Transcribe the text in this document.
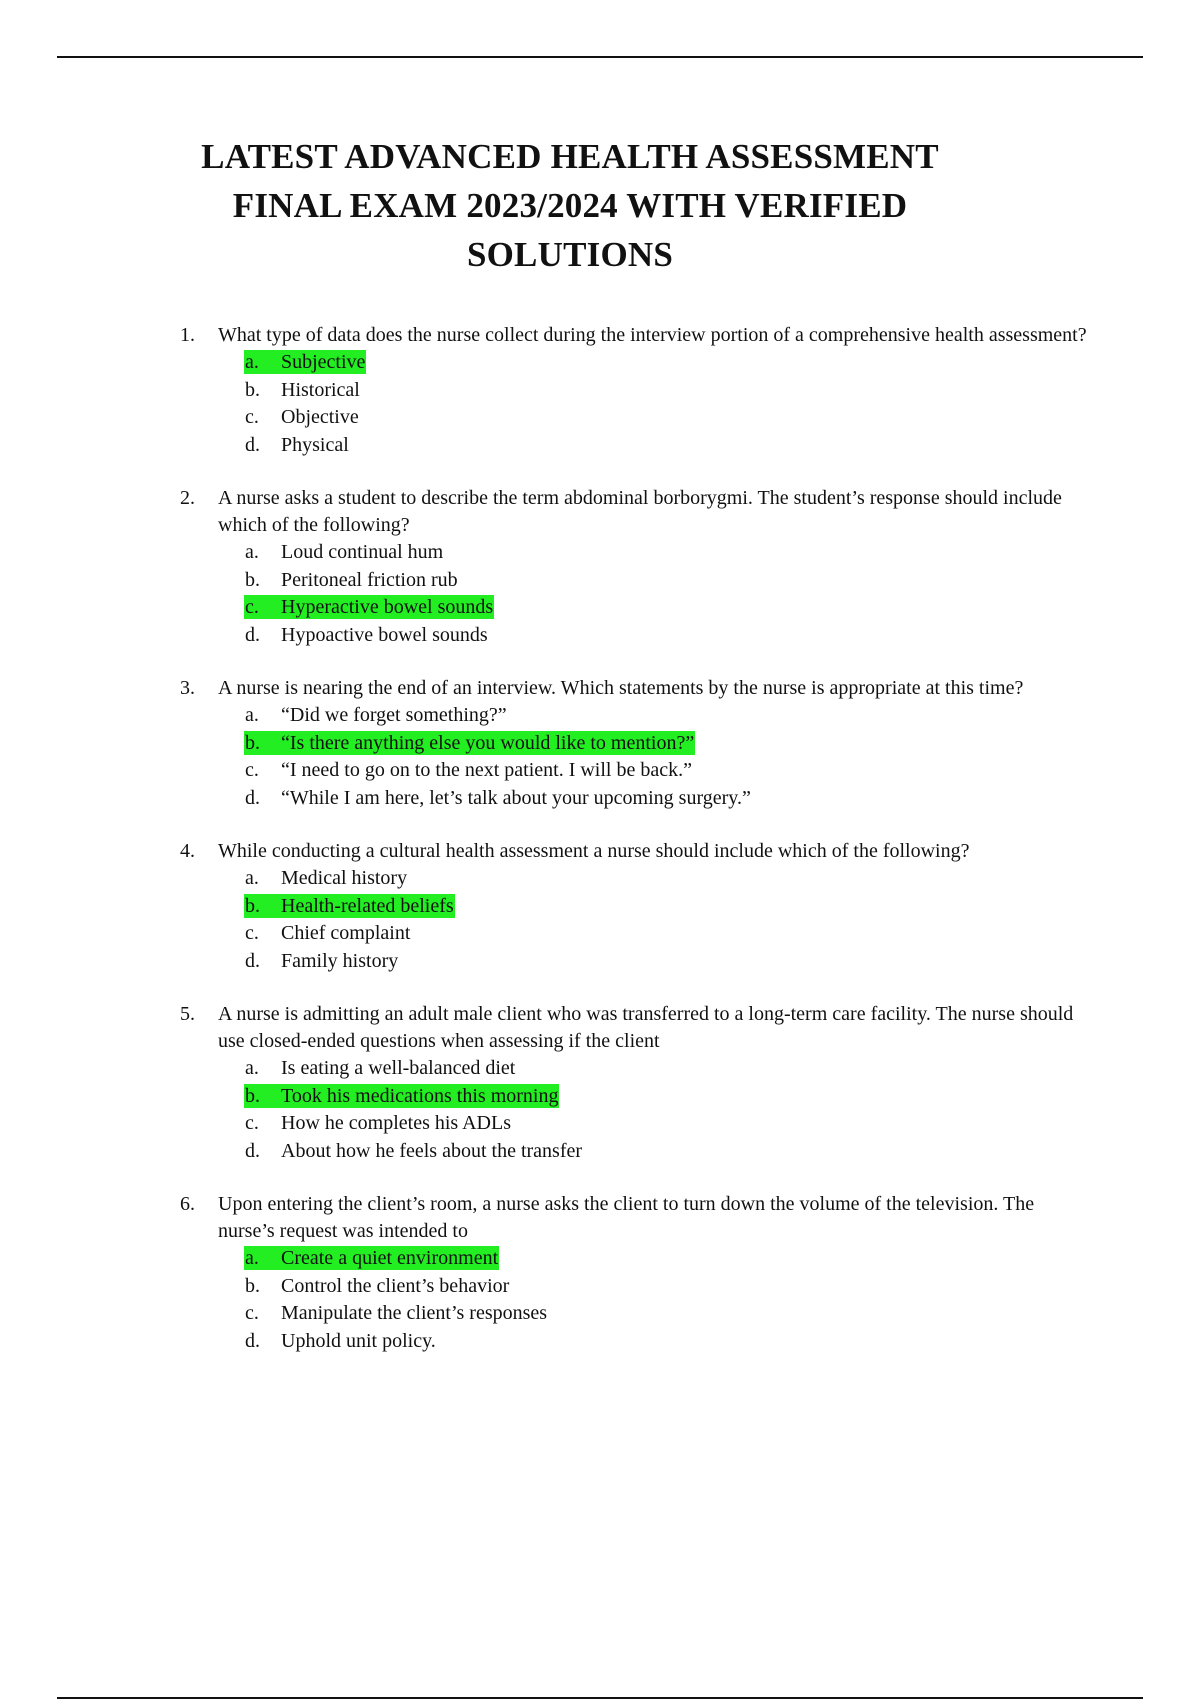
LATEST ADVANCED HEALTH ASSESSMENT
FINAL EXAM 2023/2024 WITH VERIFIED
SOLUTIONS
1.	What type of data does the nurse collect during the interview portion of a comprehensive health assessment?
a. Subjective
b. Historical
c. Objective
d. Physical
2.	A nurse asks a student to describe the term abdominal borborygmi. The student’s response should include which of the following?
a. Loud continual hum
b. Peritoneal friction rub
c. Hyperactive bowel sounds
d. Hypoactive bowel sounds
3.	A nurse is nearing the end of an interview. Which statements by the nurse is appropriate at this time?
a. “Did we forget something?”
b. “Is there anything else you would like to mention?”
c. “I need to go on to the next patient. I will be back.”
d. “While I am here, let’s talk about your upcoming surgery.”
4.	While conducting a cultural health assessment a nurse should include which of the following?
a. Medical history
b. Health-related beliefs
c. Chief complaint
d. Family history
5.	A nurse is admitting an adult male client who was transferred to a long-term care facility. The nurse should use closed-ended questions when assessing if the client
a. Is eating a well-balanced diet
b. Took his medications this morning
c. How he completes his ADLs
d. About how he feels about the transfer
6.	Upon entering the client’s room, a nurse asks the client to turn down the volume of the television. The nurse’s request was intended to
a. Create a quiet environment
b. Control the client’s behavior
c. Manipulate the client’s responses
d. Uphold unit policy.
